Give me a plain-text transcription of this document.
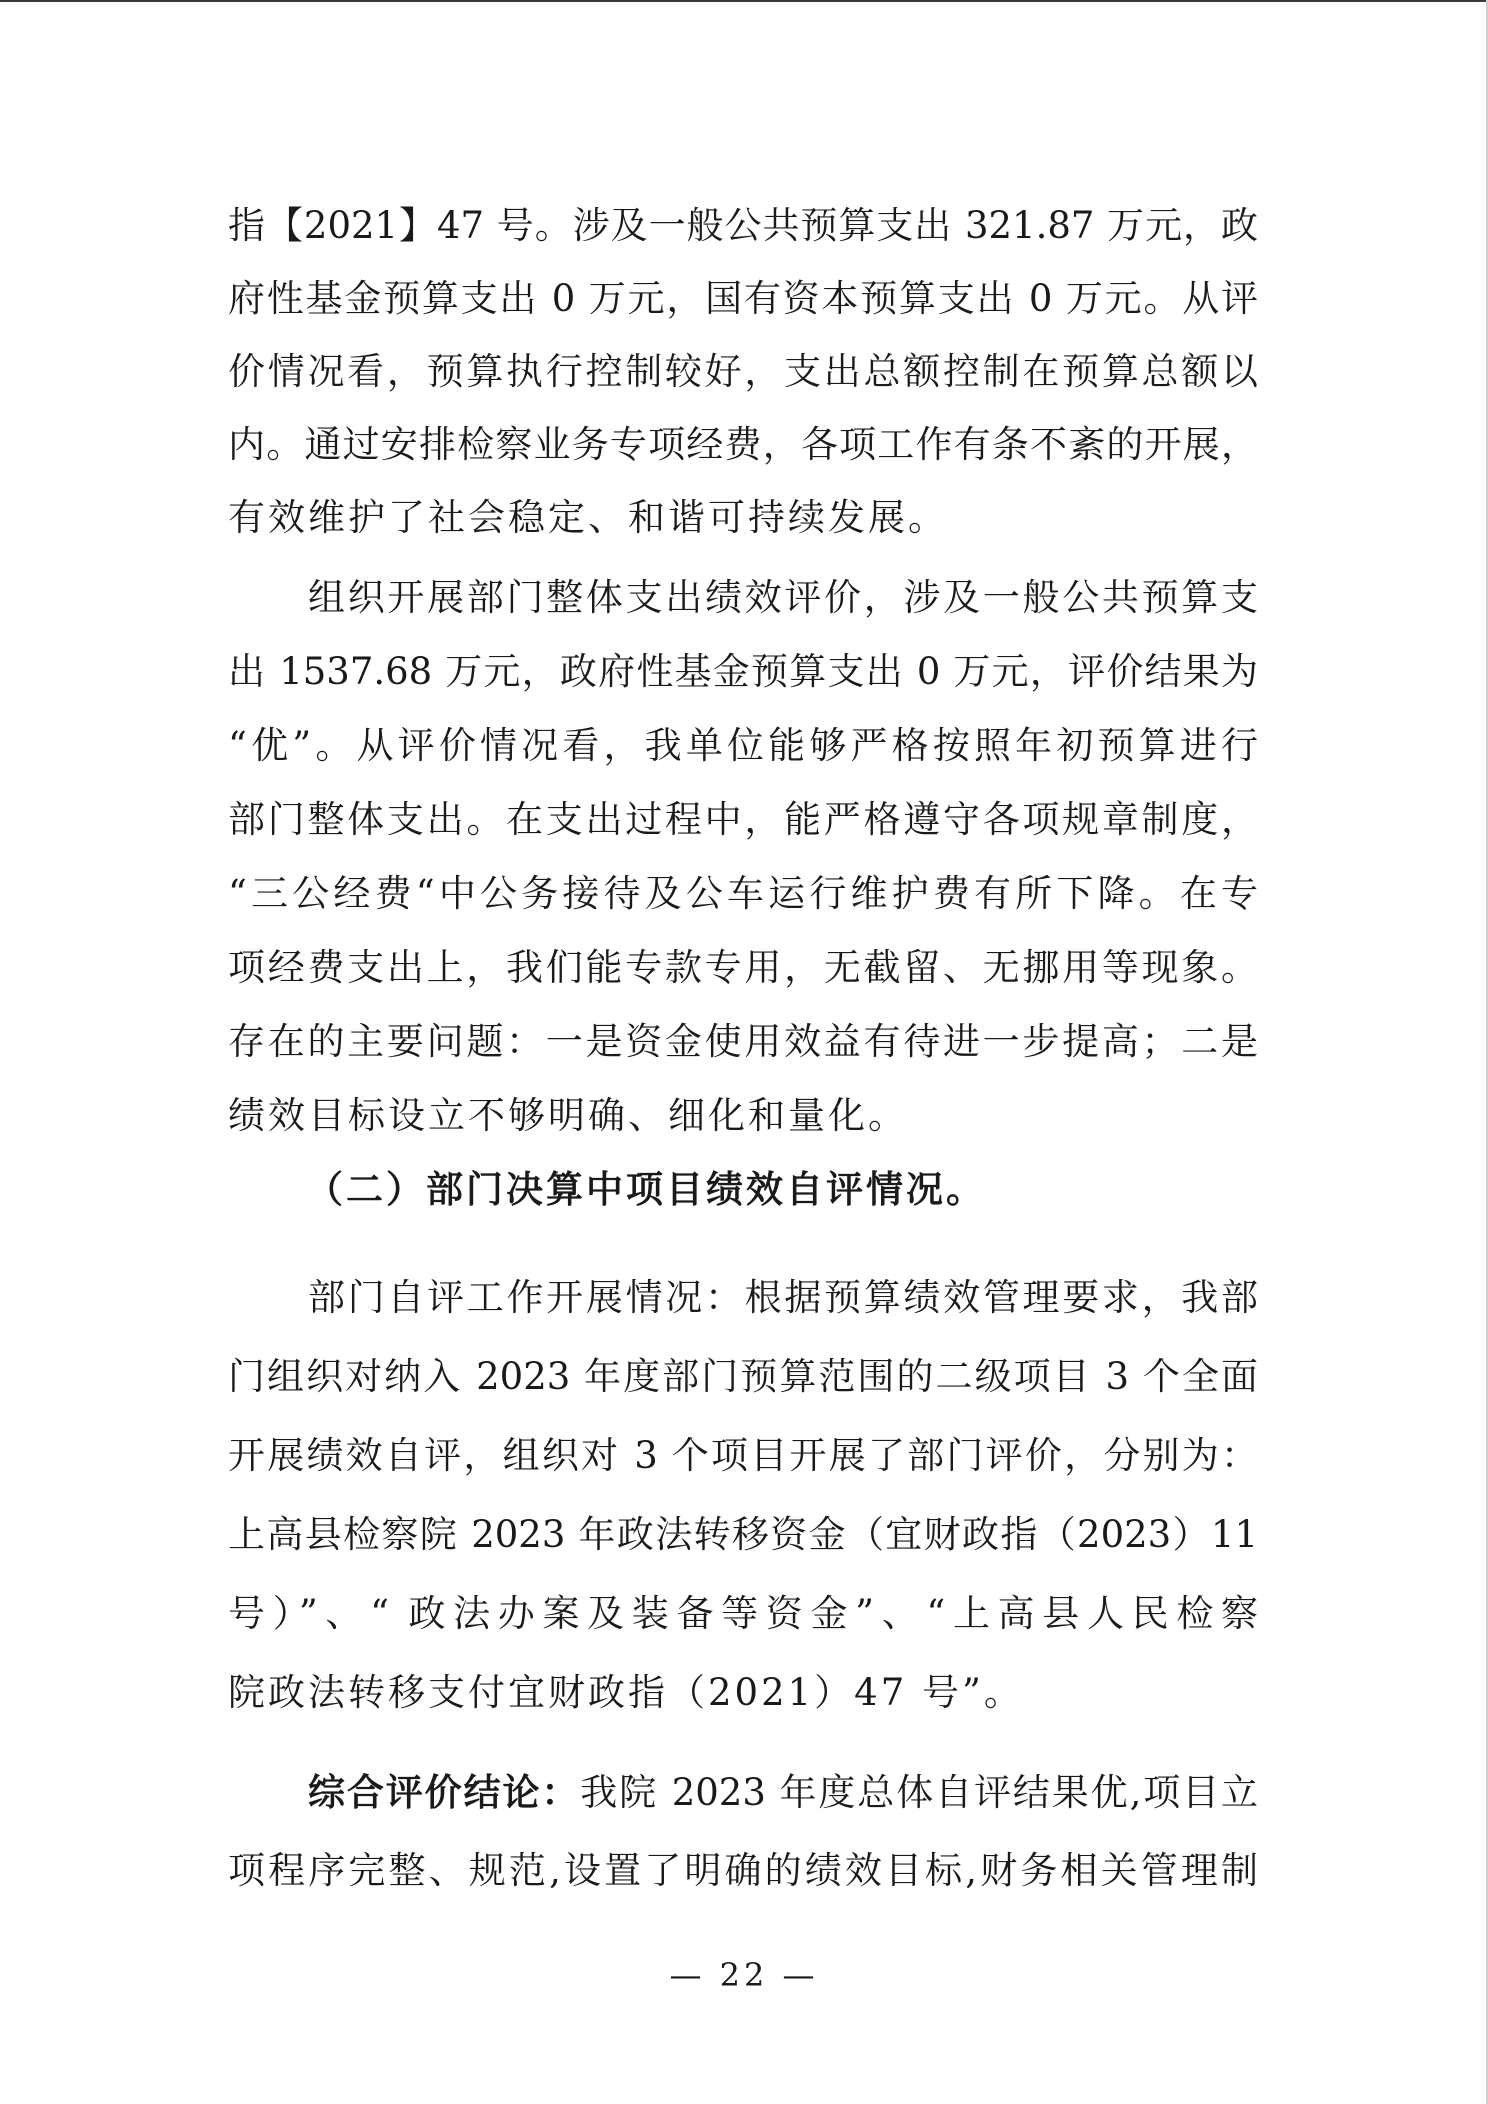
指【2021】47 号。涉及一般公共预算支出 321.87 万元，政
府性基金预算支出 0 万元，国有资本预算支出 0 万元。从评
价情况看，预算执行控制较好，支出总额控制在预算总额以
内。通过安排检察业务专项经费，各项工作有条不紊的开展，
有效维护了社会稳定、和谐可持续发展。
组织开展部门整体支出绩效评价，涉及一般公共预算支
出 1537.68 万元，政府性基金预算支出 0 万元，评价结果为
“优”。从评价情况看，我单位能够严格按照年初预算进行
部门整体支出。在支出过程中，能严格遵守各项规章制度，
“三公经费“中公务接待及公车运行维护费有所下降。在专
项经费支出上，我们能专款专用，无截留、无挪用等现象。
存在的主要问题：一是资金使用效益有待进一步提高；二是
绩效目标设立不够明确、细化和量化。
（二）部门决算中项目绩效自评情况。
部门自评工作开展情况：根据预算绩效管理要求，我部
门组织对纳入 2023 年度部门预算范围的二级项目 3 个全面
开展绩效自评，组织对 3 个项目开展了部门评价，分别为：
上高县检察院 2023 年政法转移资金（宜财政指（2023）11
号）”、“ 政法办案及装备等资金”、“上高县人民检察
院政法转移支付宜财政指（2021）47 号”。
综合评价结论：我院 2023 年度总体自评结果优,项目立
项程序完整、规范,设置了明确的绩效目标,财务相关管理制
— 22 —
